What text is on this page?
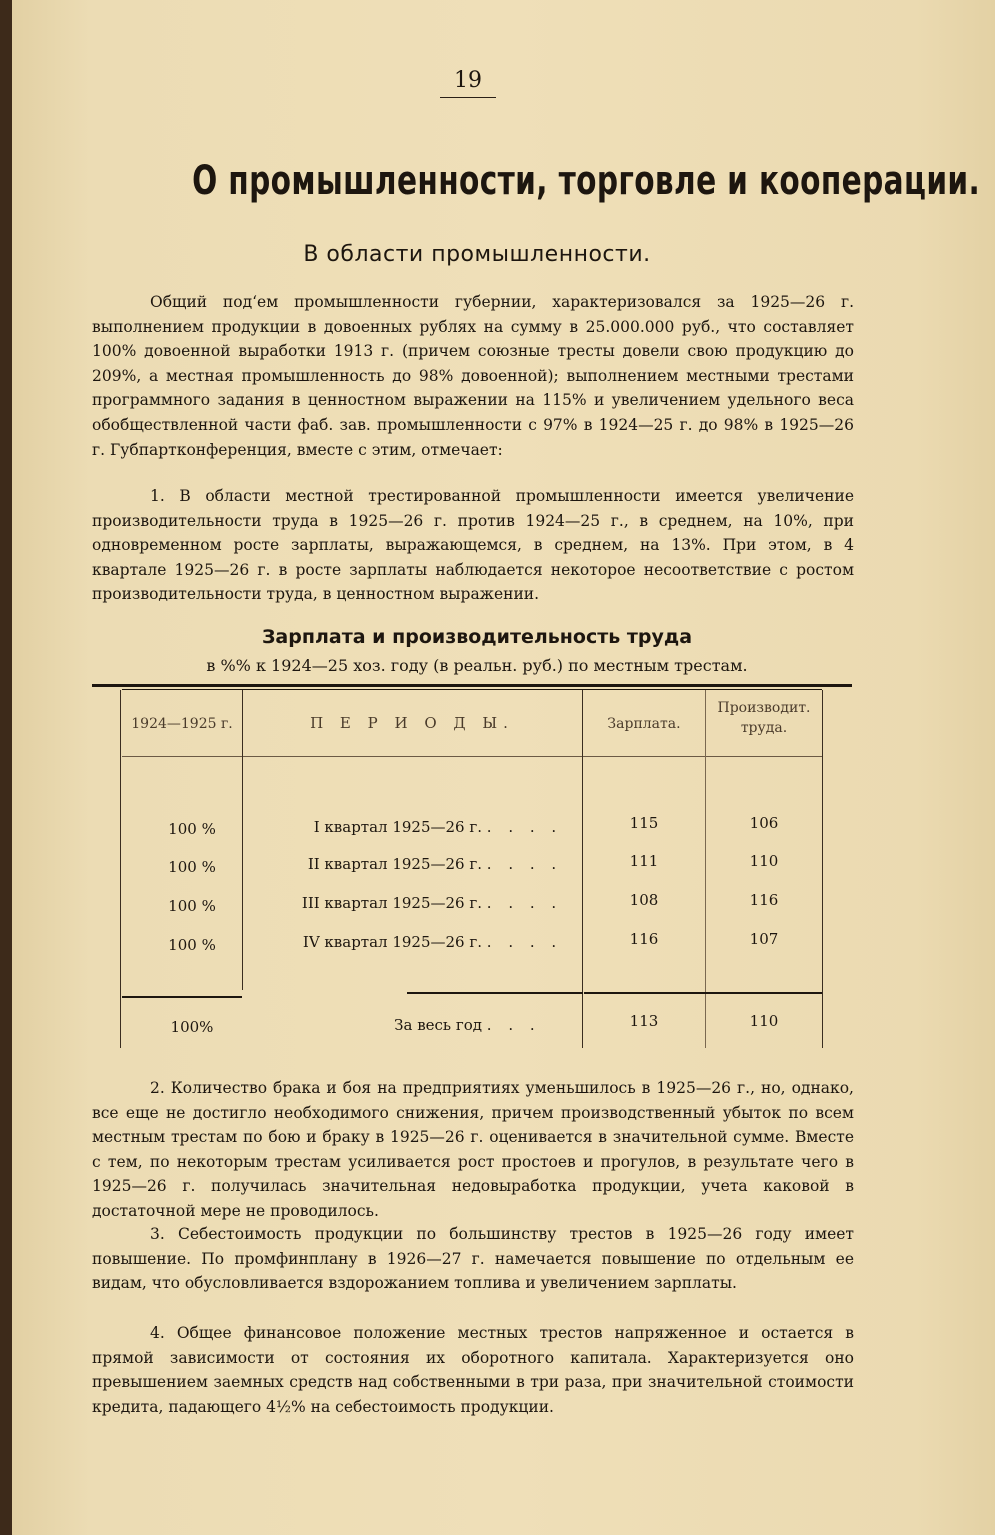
19
О промышленности, торговле и кооперации.
В области промышленности.

Общий под‘ем промышленности губернии, характеризовался за 1925—26 г. выполнением продукции в довоенных рублях на сумму в 25.000.000 руб., что составляет 100% довоенной выработки 1913 г. (причем союзные тресты довели свою продукцию до 209%, а местная промышленность до 98% довоенной); выполнением местными трестами программного задания в ценностном выражении на 115% и увеличением удельного веса обобществленной части фаб. зав. промышленности с 97% в 1924—25 г. до 98% в 1925—26 г. Губпартконференция, вместе с этим, отмечает:

1. В области местной трестированной промышленности имеется увеличение производительности труда в 1925—26 г. против 1924—25 г., в среднем, на 10%, при одновременном росте зарплаты, выражающемся, в среднем, на 13%. При этом, в 4 квартале 1925—26 г. в росте зарплаты наблюдается некоторое несоответствие с ростом производительности труда, в ценностном выражении.

Зарплата и производительность труда
в %% к 1924—25 хоз. году (в реальн. руб.) по местным трестам.
1924—1925 г.	П Е Р И О Д Ы.	Зарплата.
Производит.
труда.
100 %	I квартал 1925—26 г. . . . .	115	106
100 %	II квартал 1925—26 г. . . . .	111	110
100 %	III квартал 1925—26 г. . . . .	108	116
100 %	IV квартал 1925—26 г. . . . .	116	107
100%	За весь год . . .	113	110

2. Количество брака и боя на предприятиях уменьшилось в 1925—26 г., но, однако, все еще не достигло необходимого снижения, причем производственный убыток по всем местным трестам по бою и браку в 1925—26 г. оценивается в значительной сумме. Вместе с тем, по некоторым трестам усиливается рост простоев и прогулов, в результате чего в 1925—26 г. получилась значительная недовыработка продукции, учета каковой в достаточной мере не проводилось.

3. Себестоимость продукции по большинству трестов в 1925—26 году имеет повышение. По промфинплану в 1926—27 г. намечается повышение по отдельным ее видам, что обусловливается вздорожанием топлива и увеличением зарплаты.

4. Общее финансовое положение местных трестов напряженное и остается в прямой зависимости от состояния их оборотного капитала. Характеризуется оно превышением заемных средств над собственными в три раза, при значительной стоимости кредита, падающего 4½% на себестоимость продукции.
